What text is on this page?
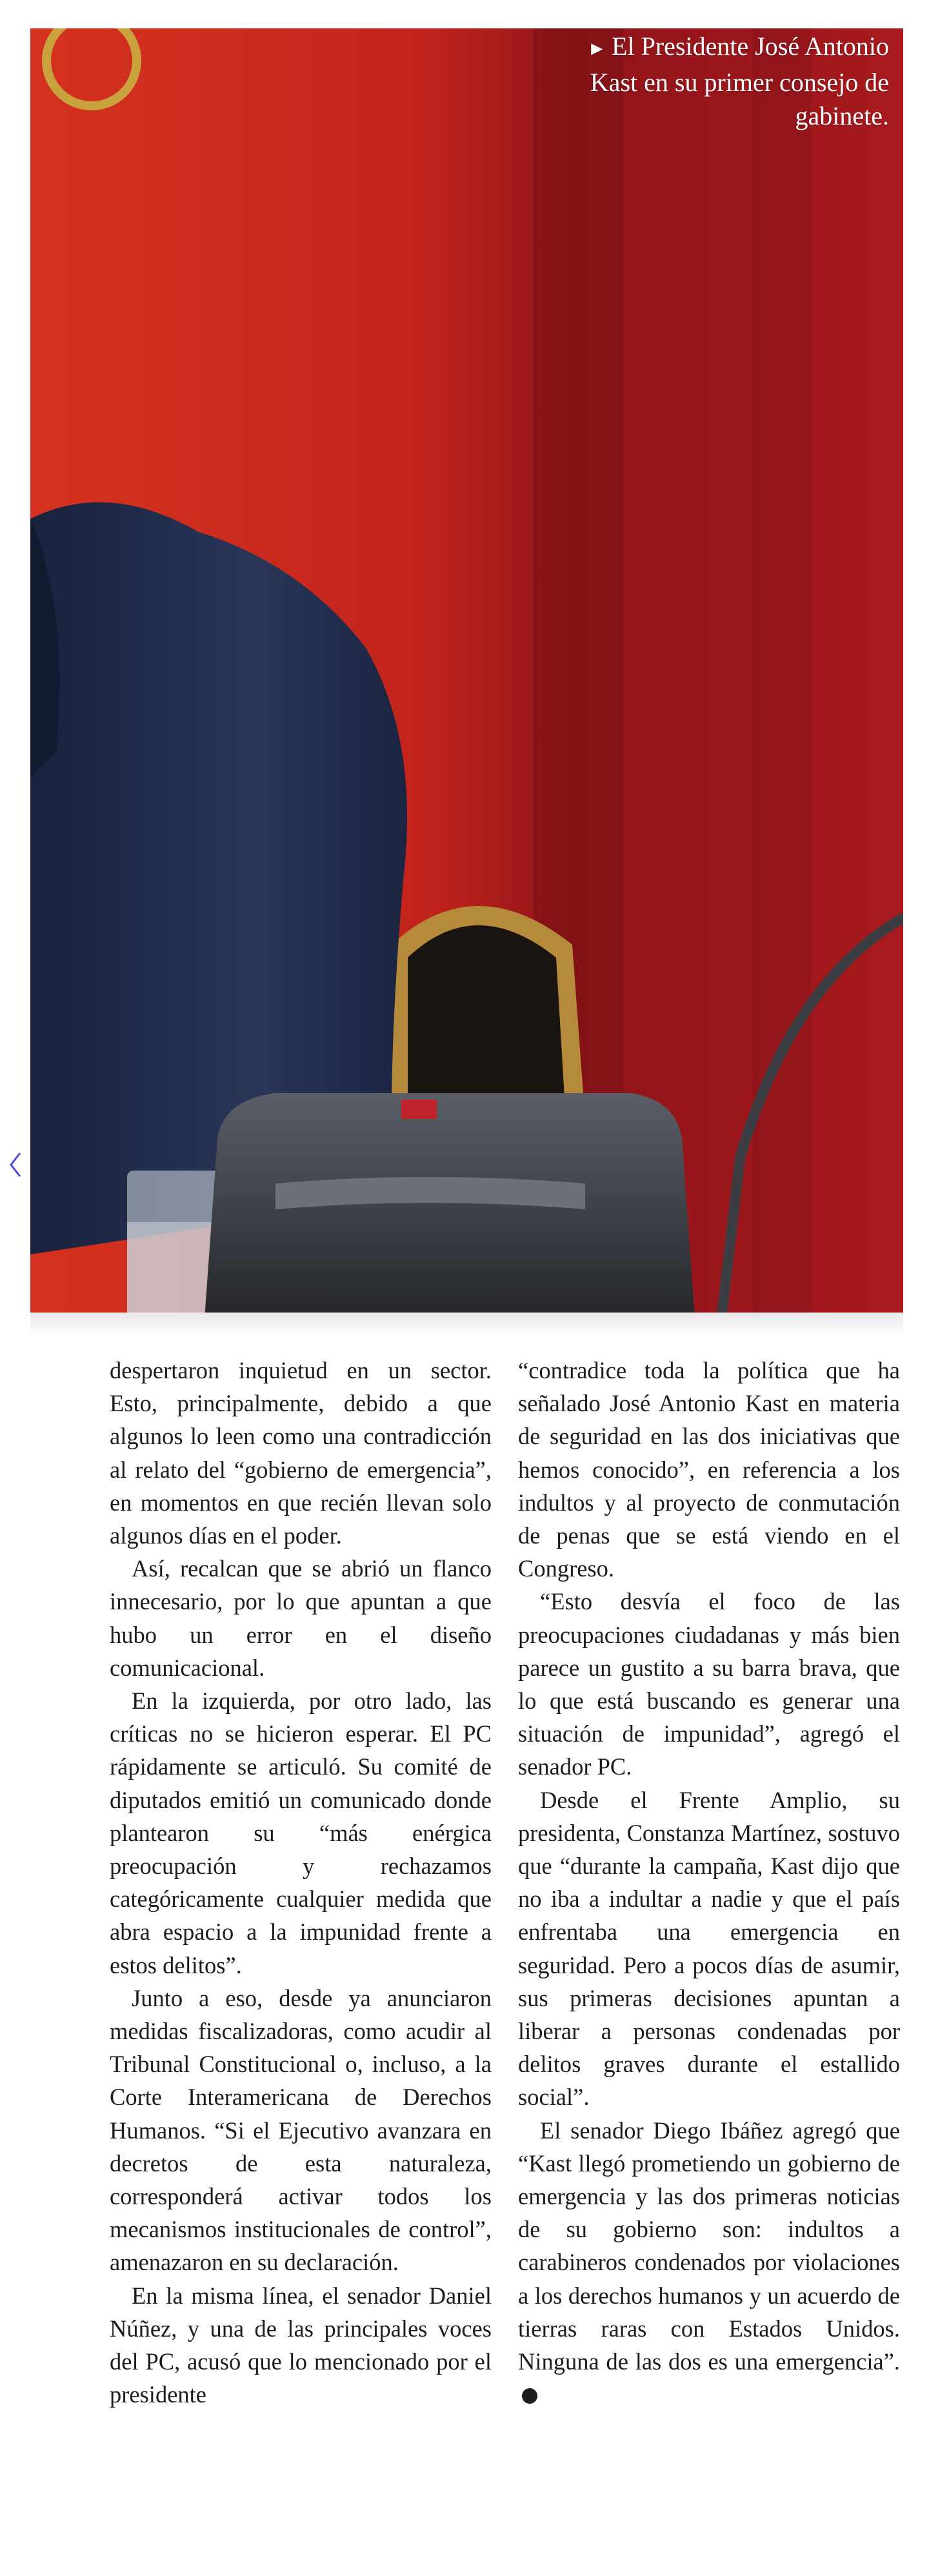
► El Presidente José Antonio Kast en su primer consejo de gabinete.

despertaron inquietud en un sector. Esto, principalmente, debido a que algunos lo leen como una contradicción al relato del “gobierno de emergencia”, en momentos en que recién llevan solo algunos días en el poder.

Así, recalcan que se abrió un flanco innecesario, por lo que apuntan a que hubo un error en el diseño comunicacional.

En la izquierda, por otro lado, las críticas no se hicieron esperar. El PC rápidamente se articuló. Su comité de diputados emitió un comunicado donde plantearon su “más enérgica preocupación y rechazamos categóricamente cualquier medida que abra espacio a la impunidad frente a estos delitos”.

Junto a eso, desde ya anunciaron medidas fiscalizadoras, como acudir al Tribunal Constitucional o, incluso, a la Corte Interamericana de Derechos Humanos. “Si el Ejecutivo avanzara en decretos de esta naturaleza, corresponderá activar todos los mecanismos institucionales de control”, amenazaron en su declaración.

En la misma línea, el senador Daniel Núñez, y una de las principales voces del PC, acusó que lo mencionado por el presidente

“contradice toda la política que ha señalado José Antonio Kast en materia de seguridad en las dos iniciativas que hemos conocido”, en referencia a los indultos y al proyecto de conmutación de penas que se está viendo en el Congreso.

“Esto desvía el foco de las preocupaciones ciudadanas y más bien parece un gustito a su barra brava, que lo que está buscando es generar una situación de impunidad”, agregó el senador PC.

Desde el Frente Amplio, su presidenta, Constanza Martínez, sostuvo que “durante la campaña, Kast dijo que no iba a indultar a nadie y que el país enfrentaba una emergencia en seguridad. Pero a pocos días de asumir, sus primeras decisiones apuntan a liberar a personas condenadas por delitos graves durante el estallido social”.

El senador Diego Ibáñez agregó que “Kast llegó prometiendo un gobierno de emergencia y las dos primeras noticias de su gobierno son: indultos a carabineros condenados por violaciones a los derechos humanos y un acuerdo de tierras raras con Estados Unidos. Ninguna de las dos es una emergencia”.
